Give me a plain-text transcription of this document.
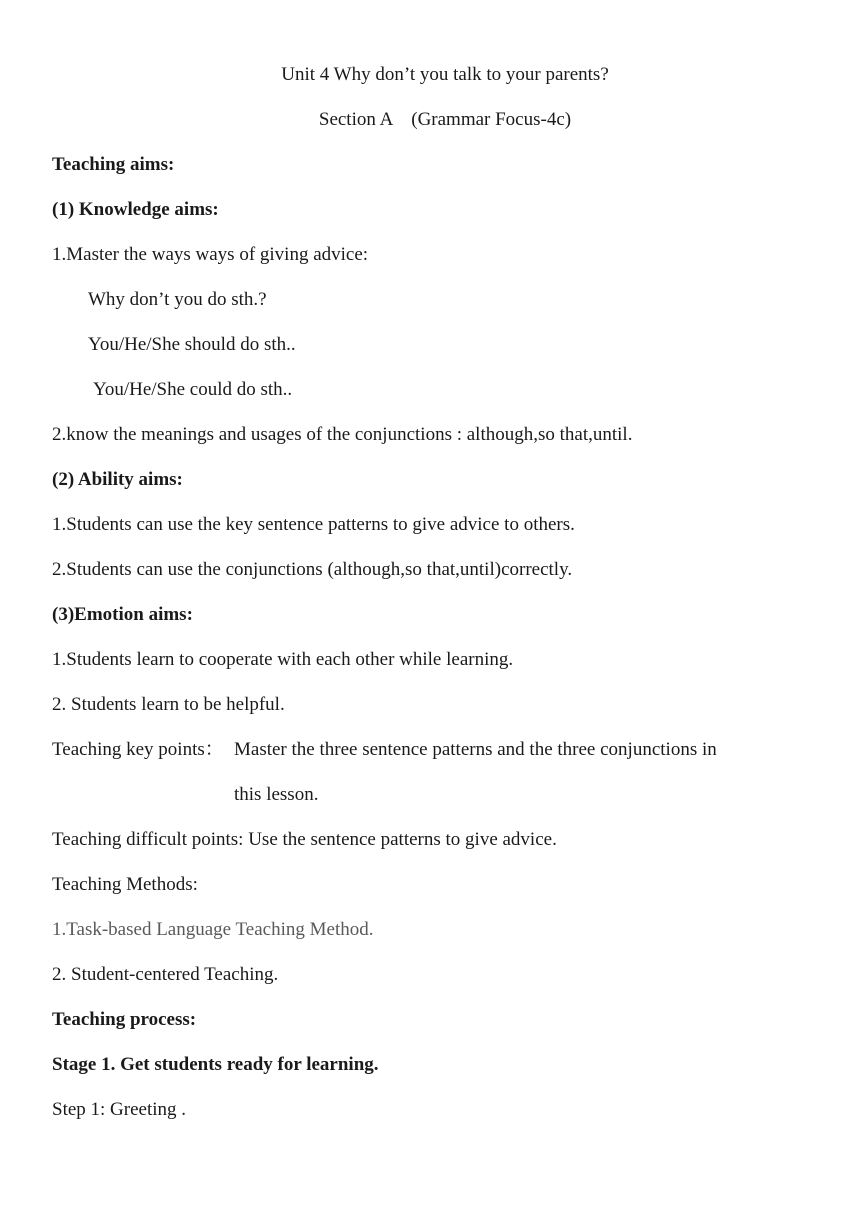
Unit 4 Why don’t you talk to your parents?
Section A    (Grammar Focus-4c)
Teaching aims:
(1) Knowledge aims:
1.Master the ways ways of giving advice:
Why don’t you do sth.?
You/He/She should do sth..
You/He/She could do sth..
2.know the meanings and usages of the conjunctions : although,so that,until.
(2) Ability aims:
1.Students can use the key sentence patterns to give advice to others.
2.Students can use the conjunctions (although,so that,until)correctly.
(3)Emotion aims:
1.Students learn to cooperate with each other while learning.
2. Students learn to be helpful.
Teaching key points： Master the three sentence patterns and the three conjunctions in
this lesson.
Teaching difficult points: Use the sentence patterns to give advice.
Teaching Methods:
1.Task-based Language Teaching Method.
2. Student-centered Teaching.
Teaching process:
Stage 1. Get students ready for learning.
Step 1: Greeting .
